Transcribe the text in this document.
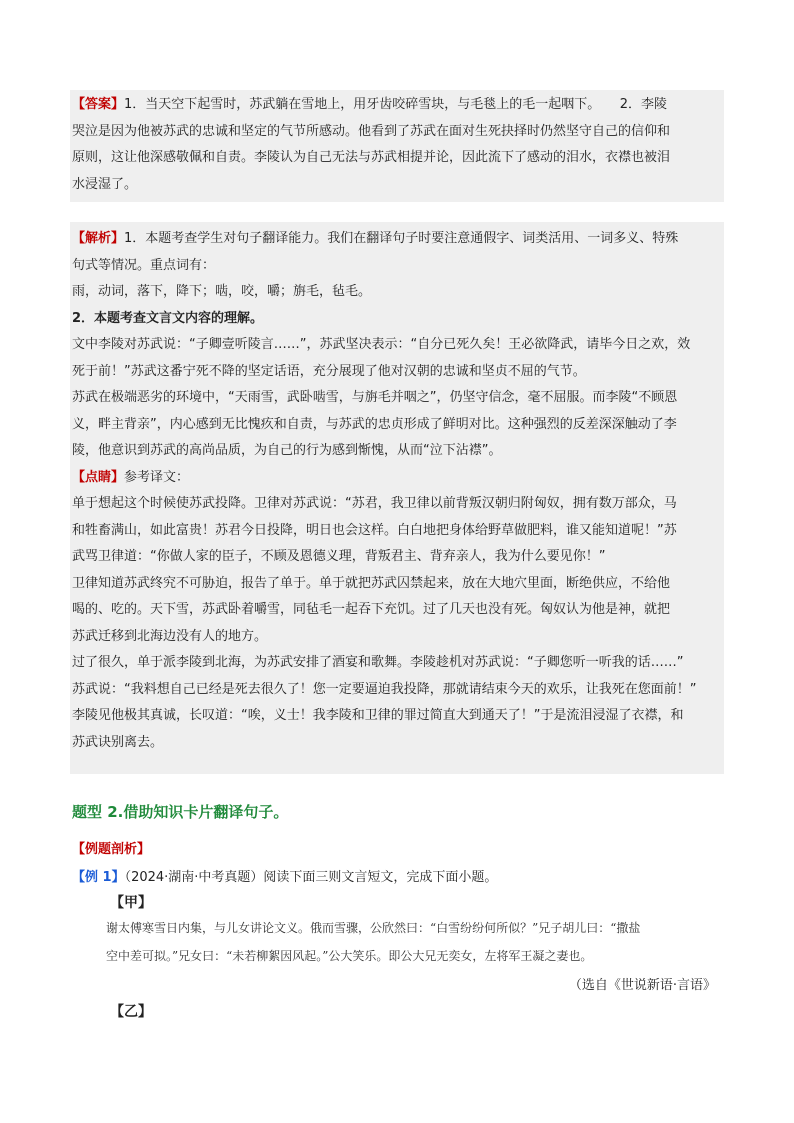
【答案】1．当天空下起雪时，苏武躺在雪地上，用牙齿咬碎雪块，与毛毯上的毛一起咽下。　　2．李陵
哭泣是因为他被苏武的忠诚和坚定的气节所感动。他看到了苏武在面对生死抉择时仍然坚守自己的信仰和
原则，这让他深感敬佩和自责。李陵认为自己无法与苏武相提并论，因此流下了感动的泪水，衣襟也被泪
水浸湿了。
【解析】1．本题考查学生对句子翻译能力。我们在翻译句子时要注意通假字、词类活用、一词多义、特殊
句式等情况。重点词有：
雨，动词，落下，降下；啮，咬，嚼；旃毛，毡毛。
2．本题考查文言文内容的理解。
文中李陵对苏武说：“子卿壹听陵言……”，苏武坚决表示：“自分已死久矣！王必欲降武，请毕今日之欢，效
死于前！”苏武这番宁死不降的坚定话语，充分展现了他对汉朝的忠诚和坚贞不屈的气节。
苏武在极端恶劣的环境中，“天雨雪，武卧啮雪，与旃毛并咽之”，仍坚守信念，毫不屈服。而李陵“不顾恩
义，畔主背亲”，内心感到无比愧疚和自责，与苏武的忠贞形成了鲜明对比。这种强烈的反差深深触动了李
陵，他意识到苏武的高尚品质，为自己的行为感到惭愧，从而“泣下沾襟”。
【点睛】参考译文：
单于想起这个时候使苏武投降。卫律对苏武说：“苏君，我卫律以前背叛汉朝归附匈奴，拥有数万部众，马
和牲畜满山，如此富贵！苏君今日投降，明日也会这样。白白地把身体给野草做肥料，谁又能知道呢！”苏
武骂卫律道：“你做人家的臣子，不顾及恩德义理，背叛君主、背弃亲人，我为什么要见你！”
卫律知道苏武终究不可胁迫，报告了单于。单于就把苏武囚禁起来，放在大地穴里面，断绝供应，不给他
喝的、吃的。天下雪，苏武卧着嚼雪，同毡毛一起吞下充饥。过了几天也没有死。匈奴认为他是神，就把
苏武迁移到北海边没有人的地方。
过了很久，单于派李陵到北海，为苏武安排了酒宴和歌舞。李陵趁机对苏武说：“子卿您听一听我的话……”
苏武说：“我料想自己已经是死去很久了！您一定要逼迫我投降，那就请结束今天的欢乐，让我死在您面前！”
李陵见他极其真诚，长叹道：“唉，义士！我李陵和卫律的罪过简直大到通天了！”于是流泪浸湿了衣襟，和
苏武诀别离去。
题型 2.借助知识卡片翻译句子。
【例题剖析】
【例 1】（2024·湖南·中考真题）阅读下面三则文言短文，完成下面小题。
【甲】
谢太傅寒雪日内集，与儿女讲论文义。俄而雪骤，公欣然曰：“白雪纷纷何所似？”兄子胡儿曰：“撒盐
空中差可拟。”兄女曰：“未若柳絮因风起。”公大笑乐。即公大兄无奕女，左将军王凝之妻也。
（选自《世说新语·言语》
【乙】
